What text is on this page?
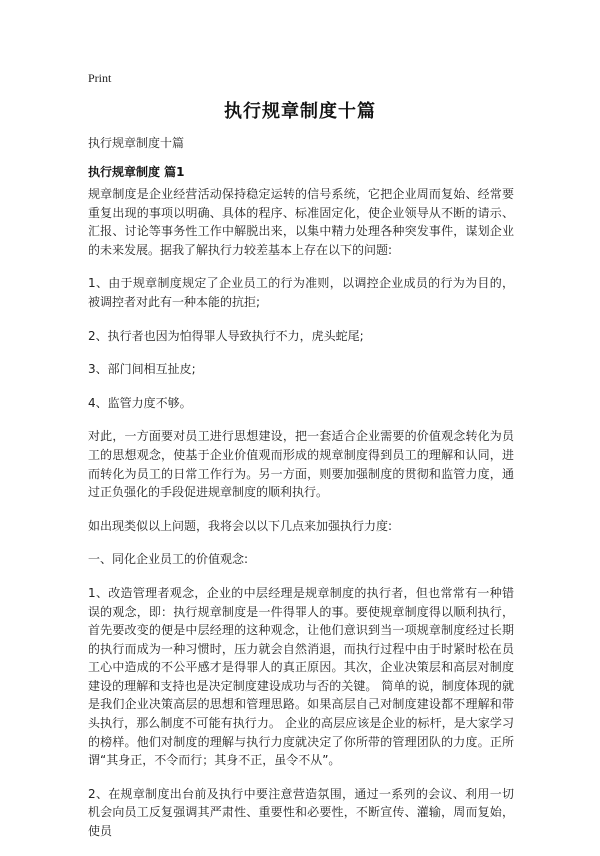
Print
执行规章制度十篇
执行规章制度十篇
执行规章制度 篇1

规章制度是企业经营活动保持稳定运转的信号系统，它把企业周而复始、经常要重复出现的事项以明确、具体的程序、标准固定化，使企业领导从不断的请示、汇报、讨论等事务性工作中解脱出来，以集中精力处理各种突发事件，谋划企业的未来发展。据我了解执行力较差基本上存在以下的问题:

1、由于规章制度规定了企业员工的行为准则，以调控企业成员的行为为目的，被调控者对此有一种本能的抗拒;

2、执行者也因为怕得罪人导致执行不力，虎头蛇尾;

3、部门间相互扯皮;

4、监管力度不够。

对此，一方面要对员工进行思想建设，把一套适合企业需要的价值观念转化为员工的思想观念，使基于企业价值观而形成的规章制度得到员工的理解和认同，进而转化为员工的日常工作行为。另一方面，则要加强制度的贯彻和监管力度，通过正负强化的手段促进规章制度的顺利执行。

如出现类似以上问题，我将会以以下几点来加强执行力度:

一、同化企业员工的价值观念:

1、改造管理者观念，企业的中层经理是规章制度的执行者，但也常常有一种错误的观念，即：执行规章制度是一件得罪人的事。要使规章制度得以顺利执行，首先要改变的便是中层经理的这种观念，让他们意识到当一项规章制度经过长期的执行而成为一种习惯时，压力就会自然消退，而执行过程中由于时紧时松在员工心中造成的不公平感才是得罪人的真正原因。其次，企业决策层和高层对制度建设的理解和支持也是决定制度建设成功与否的关键。 简单的说，制度体现的就是我们企业决策高层的思想和管理思路。如果高层自己对制度建设都不理解和带头执行，那么制度不可能有执行力。 企业的高层应该是企业的标杆，是大家学习的榜样。他们对制度的理解与执行力度就决定了你所带的管理团队的力度。正所谓“其身正，不令而行；其身不正，虽令不从”。

2、在规章制度出台前及执行中要注意营造氛围，通过一系列的会议、利用一切机会向员工反复强调其严肃性、重要性和必要性，不断宣传、灌输，周而复始，使员
